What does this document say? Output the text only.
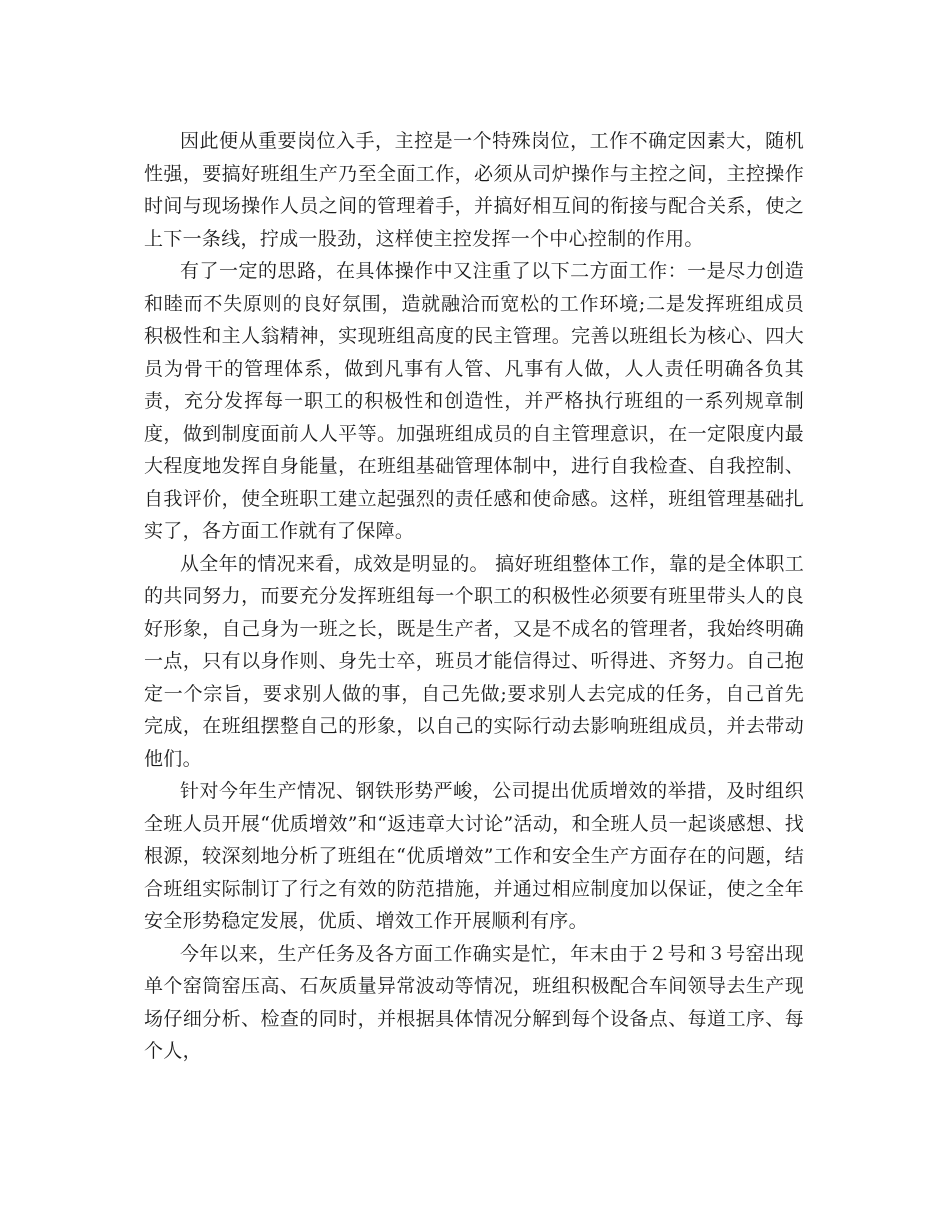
因此便从重要岗位入手，主控是一个特殊岗位，工作不确定因素大，随机性强，要搞好班组生产乃至全面工作，必须从司炉操作与主控之间，主控操作时间与现场操作人员之间的管理着手，并搞好相互间的衔接与配合关系，使之上下一条线，拧成一股劲，这样使主控发挥一个中心控制的作用。

有了一定的思路，在具体操作中又注重了以下二方面工作：一是尽力创造和睦而不失原则的良好氛围，造就融洽而宽松的工作环境;二是发挥班组成员积极性和主人翁精神，实现班组高度的民主管理。完善以班组长为核心、四大员为骨干的管理体系，做到凡事有人管、凡事有人做，人人责任明确各负其责，充分发挥每一职工的积极性和创造性，并严格执行班组的一系列规章制度，做到制度面前人人平等。加强班组成员的自主管理意识，在一定限度内最大程度地发挥自身能量，在班组基础管理体制中，进行自我检查、自我控制、自我评价，使全班职工建立起强烈的责任感和使命感。这样，班组管理基础扎实了，各方面工作就有了保障。

从全年的情况来看，成效是明显的。 搞好班组整体工作，靠的是全体职工的共同努力，而要充分发挥班组每一个职工的积极性必须要有班里带头人的良好形象，自己身为一班之长，既是生产者，又是不成名的管理者，我始终明确一点，只有以身作则、身先士卒，班员才能信得过、听得进、齐努力。自己抱定一个宗旨，要求别人做的事，自己先做;要求别人去完成的任务，自己首先完成，在班组摆整自己的形象，以自己的实际行动去影响班组成员，并去带动他们。

针对今年生产情况、钢铁形势严峻，公司提出优质增效的举措，及时组织全班人员开展“优质增效”和“返违章大讨论”活动，和全班人员一起谈感想、找根源，较深刻地分析了班组在“优质增效”工作和安全生产方面存在的问题，结合班组实际制订了行之有效的防范措施，并通过相应制度加以保证，使之全年安全形势稳定发展，优质、增效工作开展顺利有序。

今年以来，生产任务及各方面工作确实是忙，年末由于２号和３号窑出现单个窑筒窑压高、石灰质量异常波动等情况，班组积极配合车间领导去生产现场仔细分析、检查的同时，并根据具体情况分解到每个设备点、每道工序、每个人，
